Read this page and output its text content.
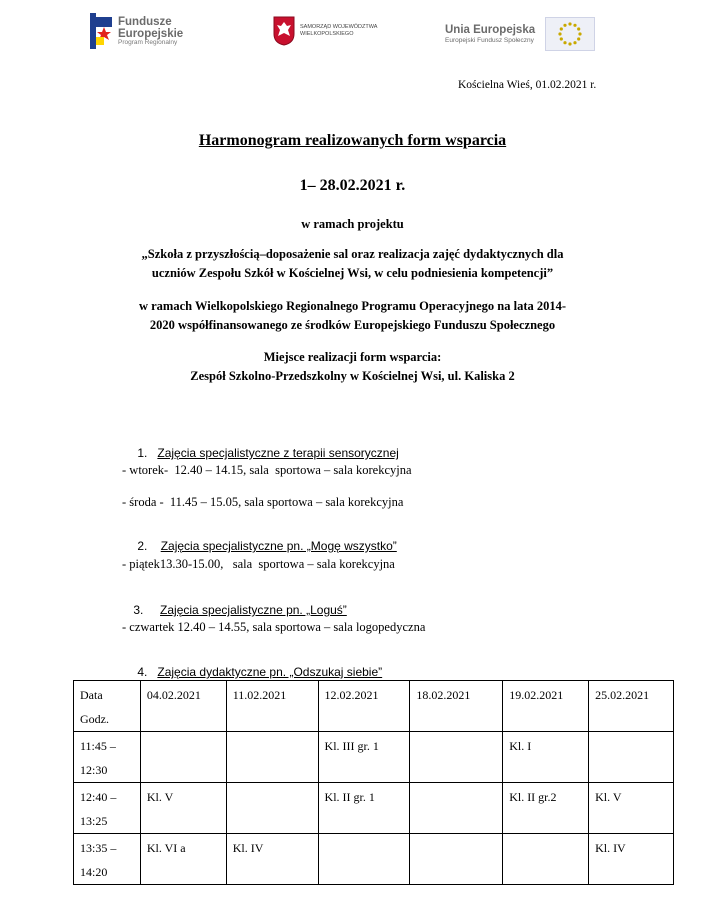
Fundusze
Europejskie
Program Regionalny
SAMORZĄD WOJEWÓDZTWA
WIELKOPOLSKIEGO	Unia Europejska
Europejski Fundusz Społeczny
Kościelna Wieś, 01.02.2021 r.
Harmonogram realizowanych form wsparcia
1– 28.02.2021 r.
w ramach projektu
„Szkoła z przyszłością–doposażenie sal oraz realizacja zajęć dydaktycznych dla
uczniów Zespołu Szkół w Kościelnej Wsi, w celu podniesienia kompetencji”
w ramach Wielkopolskiego Regionalnego Programu Operacyjnego na lata 2014-
2020 współfinansowanego ze środków Europejskiego Funduszu Społecznego
Miejsce realizacji form wsparcia:
Zespół Szkolno-Przedszkolny w Kościelnej Wsi, ul. Kaliska 2

1. Zajęcia specjalistyczne z terapii sensorycznej

- wtorek-  12.40 – 14.15, sala  sportowa – sala korekcyjna
- środa -  11.45 – 15.05, sala sportowa – sala korekcyjna

2. Zajęcia specjalistyczne pn. „Mogę wszystko”

- piątek13.30-15.00,   sala  sportowa – sala korekcyjna

3. Zajęcia specjalistyczne pn. „Loguś”

- czwartek 12.40 – 14.55, sala sportowa – sala logopedyczna

4. Zajęcia dydaktyczne pn. „Odszukaj siebie”

Data
Godz.	04.02.2021	11.02.2021	12.02.2021	18.02.2021	19.02.2021	25.02.2021

11:45 –
12:30			Kl. III gr. 1		Kl. I	

12:40 –
13:25	Kl. V		Kl. II gr. 1		Kl. II gr.2	Kl. V

13:35 –
14:20	Kl. VI a	Kl. IV				Kl. IV
